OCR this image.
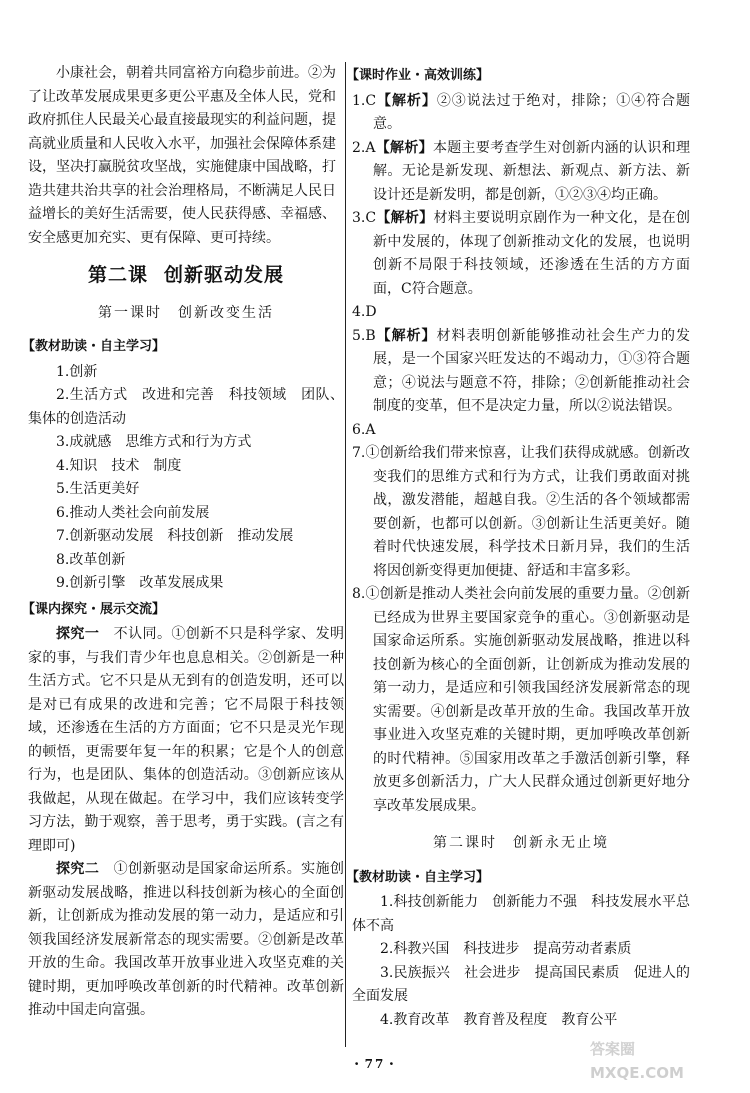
小康社会，朝着共同富裕方向稳步前进。②为了让改革发展成果更多更公平惠及全体人民，党和政府抓住人民最关心最直接最现实的利益问题，提高就业质量和人民收入水平，加强社会保障体系建设，坚决打赢脱贫攻坚战，实施健康中国战略，打造共建共治共享的社会治理格局，不断满足人民日益增长的美好生活需要，使人民获得感、幸福感、安全感更加充实、更有保障、更可持续。

第二课 创新驱动发展
第一课时 创新改变生活

【教材助读・自主学习】

1.创新

2.生活方式　改进和完善　科技领域　团队、集体的创造活动

3.成就感　思维方式和行为方式

4.知识　技术　制度

5.生活更美好

6.推动人类社会向前发展

7.创新驱动发展　科技创新　推动发展

8.改革创新

9.创新引擎　改革发展成果

【课内探究・展示交流】

探究一　不认同。①创新不只是科学家、发明家的事，与我们青少年也息息相关。②创新是一种生活方式。它不只是从无到有的创造发明，还可以是对已有成果的改进和完善；它不局限于科技领域，还渗透在生活的方方面面；它不只是灵光乍现的顿悟，更需要年复一年的积累；它是个人的创意行为，也是团队、集体的创造活动。③创新应该从我做起，从现在做起。在学习中，我们应该转变学习方法，勤于观察，善于思考，勇于实践。(言之有理即可)

探究二　①创新驱动是国家命运所系。实施创新驱动发展战略，推进以科技创新为核心的全面创新，让创新成为推动发展的第一动力，是适应和引领我国经济发展新常态的现实需要。②创新是改革开放的生命。我国改革开放事业进入攻坚克难的关键时期，更加呼唤改革创新的时代精神。改革创新推动中国走向富强。

【课时作业・高效训练】

1.C【解析】②③说法过于绝对，排除；①④符合题意。

2.A【解析】本题主要考查学生对创新内涵的认识和理解。无论是新发现、新想法、新观点、新方法、新设计还是新发明，都是创新，①②③④均正确。

3.C【解析】材料主要说明京剧作为一种文化，是在创新中发展的，体现了创新推动文化的发展，也说明创新不局限于科技领域，还渗透在生活的方方面面，C符合题意。

4.D

5.B【解析】材料表明创新能够推动社会生产力的发展，是一个国家兴旺发达的不竭动力，①③符合题意；④说法与题意不符，排除；②创新能推动社会制度的变革，但不是决定力量，所以②说法错误。

6.A

7.①创新给我们带来惊喜，让我们获得成就感。创新改变我们的思维方式和行为方式，让我们勇敢面对挑战，激发潜能，超越自我。②生活的各个领域都需要创新，也都可以创新。③创新让生活更美好。随着时代快速发展，科学技术日新月异，我们的生活将因创新变得更加便捷、舒适和丰富多彩。

8.①创新是推动人类社会向前发展的重要力量。②创新已经成为世界主要国家竞争的重心。③创新驱动是国家命运所系。实施创新驱动发展战略，推进以科技创新为核心的全面创新，让创新成为推动发展的第一动力，是适应和引领我国经济发展新常态的现实需要。④创新是改革开放的生命。我国改革开放事业进入攻坚克难的关键时期，更加呼唤改革创新的时代精神。⑤国家用改革之手激活创新引擎，释放更多创新活力，广大人民群众通过创新更好地分享改革发展成果。

第二课时 创新永无止境

【教材助读・自主学习】

1.科技创新能力　创新能力不强　科技发展水平总体不高

2.科教兴国　科技进步　提高劳动者素质

3.民族振兴　社会进步　提高国民素质　促进人的全面发展

4.教育改革　教育普及程度　教育公平

・77・
答案圈
MXQE.COM
